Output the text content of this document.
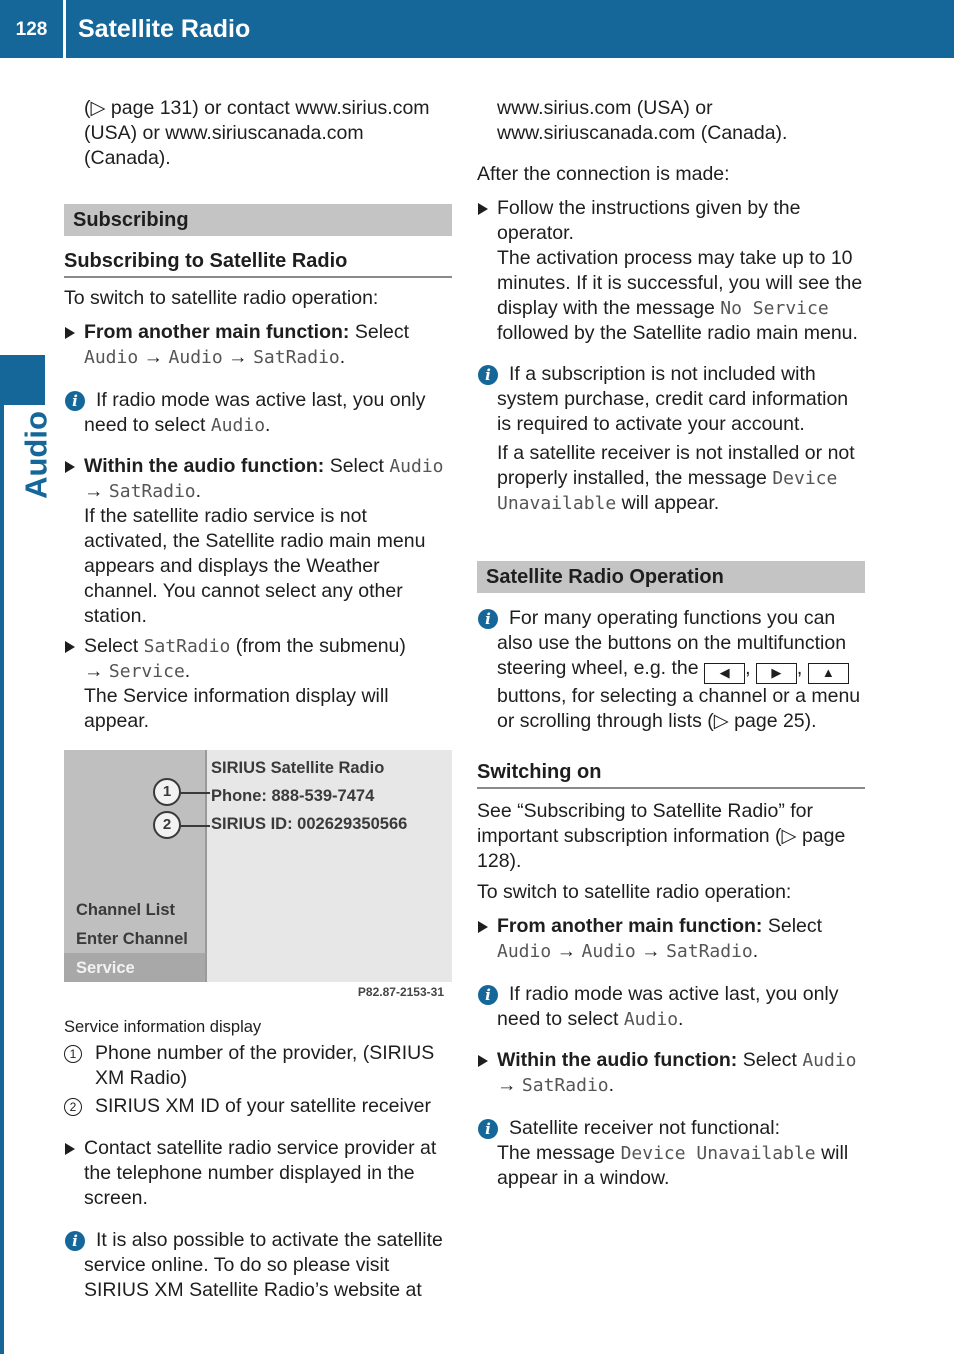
128	Satellite Radio
Audio

(▷ page 131) or contact www.sirius.com (USA) or www.siriuscanada.com (Canada).

Subscribing
Subscribing to Satellite Radio

To switch to satellite radio operation:

From another main function: Select
Audio → Audio → SatRadio.
i If radio mode was active last, you only need to select Audio.
Within the audio function: Select Audio
→ SatRadio.
If the satellite radio service is not activated, the Satellite radio main menu appears and displays the Weather channel. You cannot select any other station.
Select SatRadio (from the submenu)
→ Service.
The Service information display will appear.
SIRIUS Satellite Radio
Phone: 888-539-7474
SIRIUS ID: 002629350566
1
2
Channel List
Enter Channel
Service
P82.87-2153-31

Service information display

1 Phone number of the provider, (SIRIUS XM Radio)
2 SIRIUS XM ID of your satellite receiver
Contact satellite radio service provider at the telephone number displayed in the screen.
i It is also possible to activate the satellite service online. To do so please visit SIRIUS XM Satellite Radio’s website at

www.sirius.com (USA) or www.siriuscanada.com (Canada).

After the connection is made:

Follow the instructions given by the operator.
The activation process may take up to 10 minutes. If it is successful, you will see the display with the message No Service followed by the Satellite radio main menu.
i If a subscription is not included with system purchase, credit card information is required to activate your account.

If a satellite receiver is not installed or not properly installed, the message Device Unavailable will appear.

Satellite Radio Operation
i For many operating functions you can also use the buttons on the multifunction steering wheel, e.g. the ◀ , ▶ , ▲ buttons, for selecting a channel or a menu or scrolling through lists (▷ page 25).
Switching on

See “Subscribing to Satellite Radio” for important subscription information (▷ page 128).

To switch to satellite radio operation:

From another main function: Select
Audio → Audio → SatRadio.
i If radio mode was active last, you only need to select Audio.
Within the audio function: Select Audio
→ SatRadio.
i Satellite receiver not functional:
The message Device Unavailable will appear in a window.
